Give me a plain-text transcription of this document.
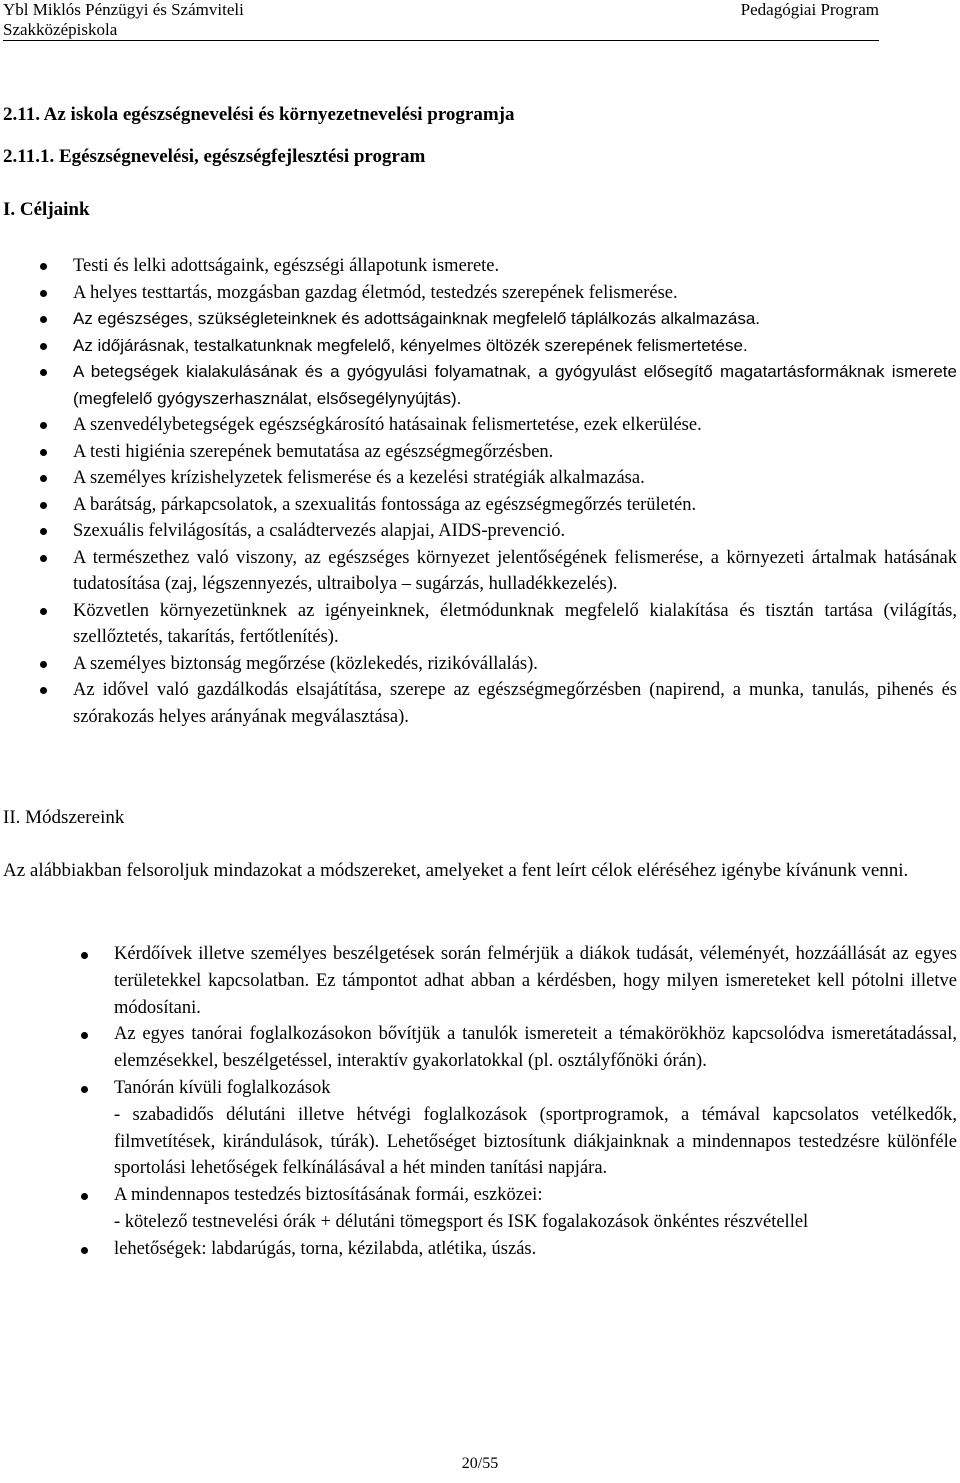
Ybl Miklós Pénzügyi és Számviteli
Szakközépiskola
Pedagógiai Program
2.11. Az iskola egészségnevelési és környezetnevelési programja
2.11.1. Egészségnevelési, egészségfejlesztési program
I. Céljaink
Testi és lelki adottságaink, egészségi állapotunk ismerete.
A helyes testtartás, mozgásban gazdag életmód, testedzés szerepének felismerése.
Az egészséges, szükségleteinknek és adottságainknak megfelelő táplálkozás alkalmazása.
Az időjárásnak, testalkatunknak megfelelő, kényelmes öltözék szerepének felismertetése.
A betegségek kialakulásának és a gyógyulási folyamatnak, a gyógyulást elősegítő magatartásformáknak ismerete (megfelelő gyógyszerhasználat, elsősegélynyújtás).
A szenvedélybetegségek egészségkárosító hatásainak felismertetése, ezek elkerülése.
A testi higiénia szerepének bemutatása az egészségmegőrzésben.
A személyes krízishelyzetek felismerése és a kezelési stratégiák alkalmazása.
A barátság, párkapcsolatok, a szexualitás fontossága az egészségmegőrzés területén.
Szexuális felvilágosítás, a családtervezés alapjai, AIDS-prevenció.
A természethez való viszony, az egészséges környezet jelentőségének felismerése, a környezeti ártalmak hatásának tudatosítása (zaj, légszennyezés, ultraibolya – sugárzás, hulladékkezelés).
Közvetlen környezetünknek az igényeinknek, életmódunknak megfelelő kialakítása és tisztán tartása (világítás, szellőztetés, takarítás, fertőtlenítés).
A személyes biztonság megőrzése (közlekedés, rizikóvállalás).
Az idővel való gazdálkodás elsajátítása, szerepe az egészségmegőrzésben (napirend, a munka, tanulás, pihenés és szórakozás helyes arányának megválasztása).
II. Módszereink
Az alábbiakban felsoroljuk mindazokat a módszereket, amelyeket a fent leírt célok eléréséhez igénybe kívánunk venni.
Kérdőívek illetve személyes beszélgetések során felmérjük a diákok tudását, véleményét, hozzáállását az egyes területekkel kapcsolatban. Ez támpontot adhat abban a kérdésben, hogy milyen ismereteket kell pótolni illetve módosítani.
Az egyes tanórai foglalkozásokon bővítjük a tanulók ismereteit a témakörökhöz kapcsolódva ismeretátadással, elemzésekkel, beszélgetéssel, interaktív gyakorlatokkal (pl. osztályfőnöki órán).
Tanórán kívüli foglalkozások
- szabadidős délutáni illetve hétvégi foglalkozások (sportprogramok, a témával kapcsolatos vetélkedők, filmvetítések, kirándulások, túrák). Lehetőséget biztosítunk diákjainknak a mindennapos testedzésre különféle sportolási lehetőségek felkínálásával a hét minden tanítási napjára.
A mindennapos testedzés biztosításának formái, eszközei:
- kötelező testnevelési órák + délutáni tömegsport és ISK fogalakozások önkéntes részvétellel
lehetőségek: labdarúgás, torna, kézilabda, atlétika, úszás.
20/55
